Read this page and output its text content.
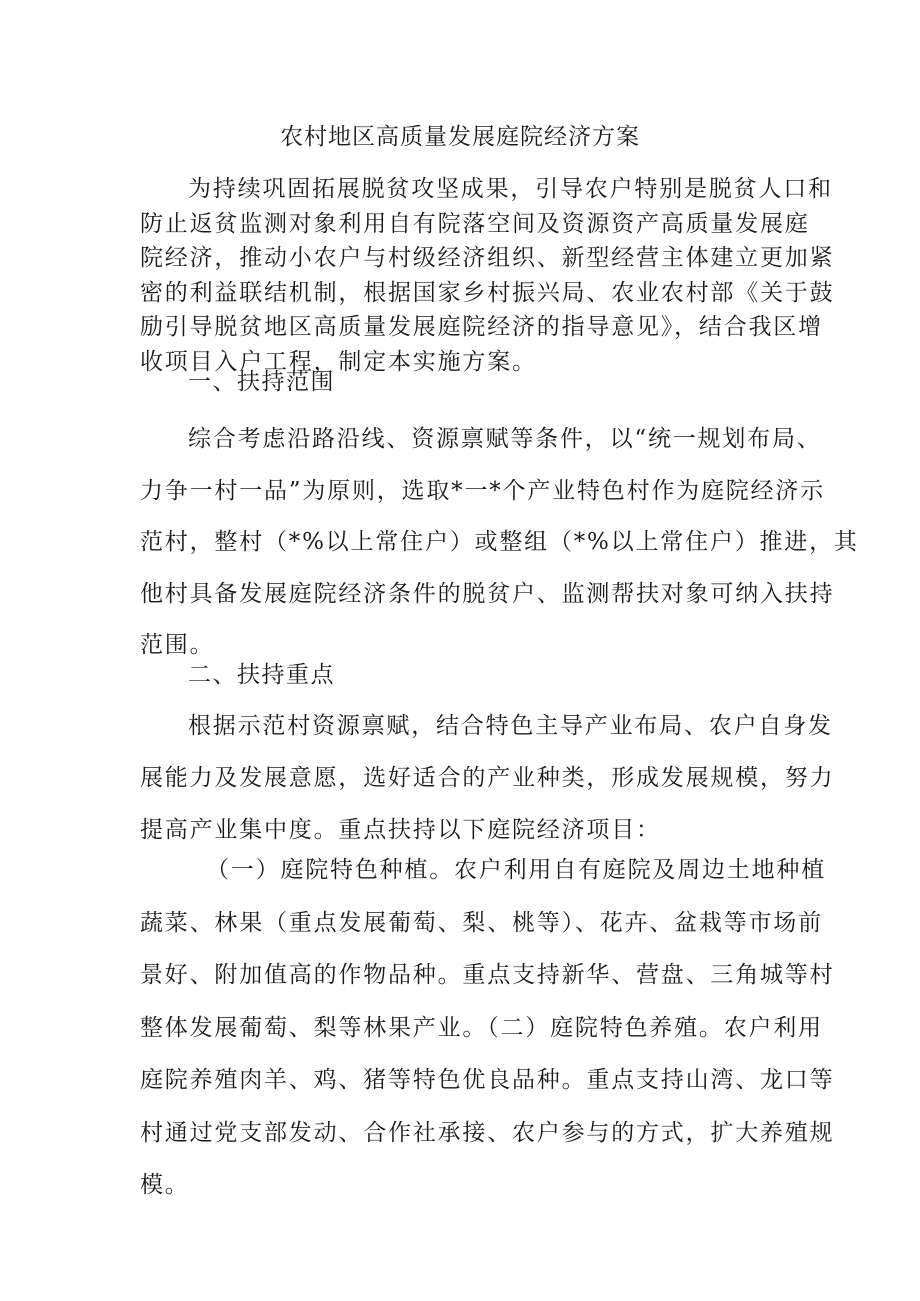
农村地区高质量发展庭院经济方案
为持续巩固拓展脱贫攻坚成果，引导农户特别是脱贫人口和
防止返贫监测对象利用自有院落空间及资源资产高质量发展庭
院经济，推动小农户与村级经济组织、新型经营主体建立更加紧
密的利益联结机制，根据国家乡村振兴局、农业农村部《关于鼓
励引导脱贫地区高质量发展庭院经济的指导意见》，结合我区增
收项目入户工程，制定本实施方案。
一、扶持范围
综合考虑沿路沿线、资源禀赋等条件，以“统一规划布局、
力争一村一品”为原则，选取*一*个产业特色村作为庭院经济示
范村，整村（*%以上常住户）或整组（*%以上常住户）推进，其
他村具备发展庭院经济条件的脱贫户、监测帮扶对象可纳入扶持
范围。
二、扶持重点
根据示范村资源禀赋，结合特色主导产业布局、农户自身发
展能力及发展意愿，选好适合的产业种类，形成发展规模，努力
提高产业集中度。重点扶持以下庭院经济项目：
（一）庭院特色种植。农户利用自有庭院及周边土地种植
蔬菜、林果（重点发展葡萄、梨、桃等）、花卉、盆栽等市场前
景好、附加值高的作物品种。重点支持新华、营盘、三角城等村
整体发展葡萄、梨等林果产业。（二）庭院特色养殖。农户利用
庭院养殖肉羊、鸡、猪等特色优良品种。重点支持山湾、龙口等
村通过党支部发动、合作社承接、农户参与的方式，扩大养殖规
模。
